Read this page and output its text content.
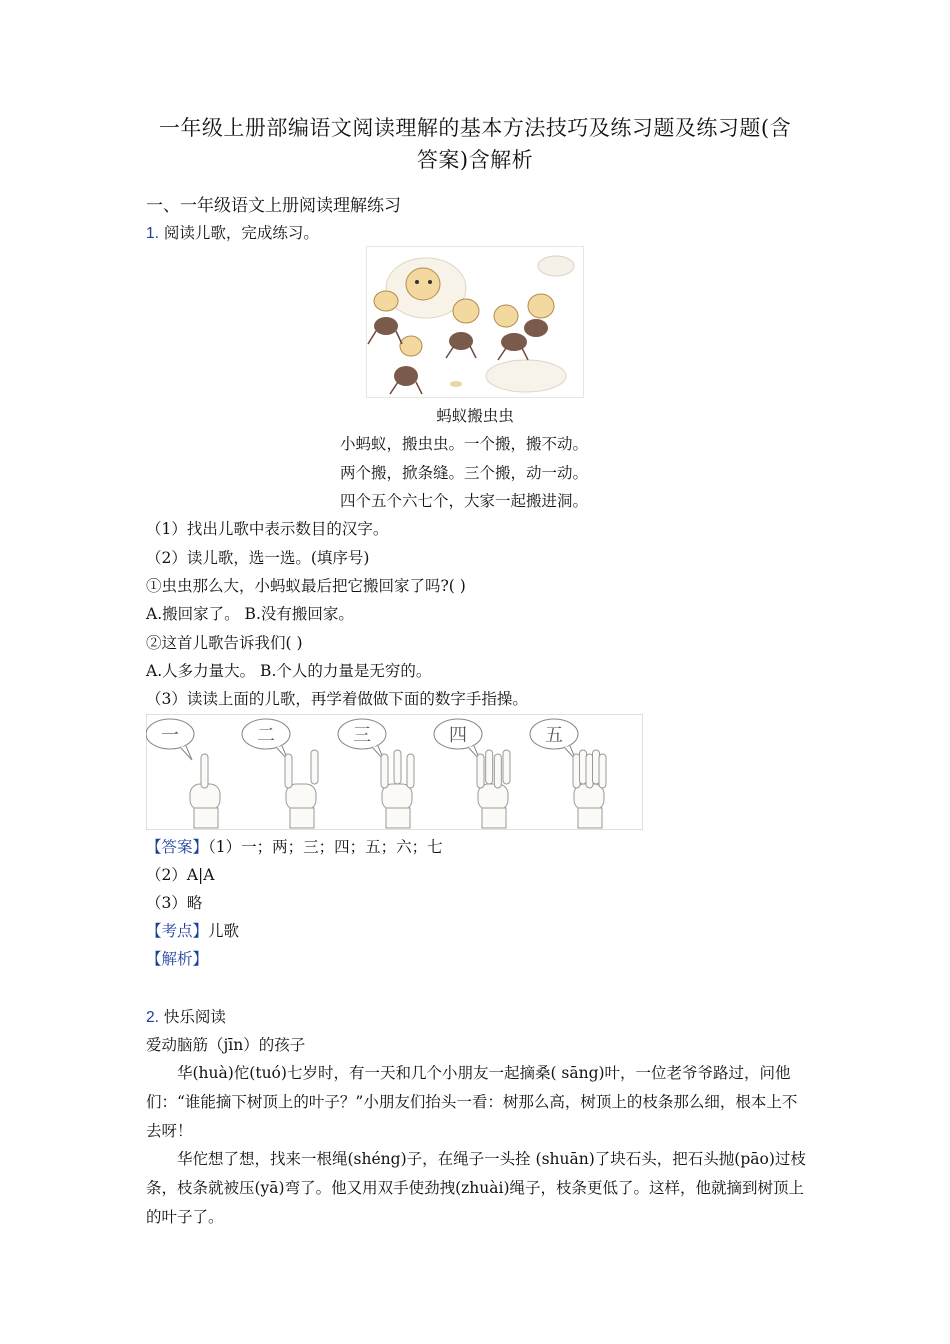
一年级上册部编语文阅读理解的基本方法技巧及练习题及练习题(含
答案)含解析
一、一年级语文上册阅读理解练习
1. 阅读儿歌，完成练习。
蚂蚁搬虫虫
小蚂蚁，搬虫虫。一个搬，搬不动。
两个搬，掀条缝。三个搬，动一动。
四个五个六七个，大家一起搬进洞。
（1）找出儿歌中表示数目的汉字。
（2）读儿歌，选一选。(填序号)
①虫虫那么大，小蚂蚁最后把它搬回家了吗?( )
A.搬回家了。 B.没有搬回家。
②这首儿歌告诉我们( )
A.人多力量大。 B.个人的力量是无穷的。
（3）读读上面的儿歌，再学着做做下面的数字手指操。
一	二	三	四	五
【答案】（1）一；两；三；四；五；六；七
（2）A|A
（3）略
【考点】儿歌
【解析】
2. 快乐阅读
爱动脑筋（jīn）的孩子
华(huà)佗(tuó)七岁时，有一天和几个小朋友一起摘桑( sāng)叶，一位老爷爷路过，问他们：“谁能摘下树顶上的叶子？”小朋友们抬头一看：树那么高，树顶上的枝条那么细，根本上不去呀！
华佗想了想，找来一根绳(shéng)子，在绳子一头拴 (shuān)了块石头，把石头抛(pāo)过枝条，枝条就被压(yā)弯了。他又用双手使劲拽(zhuài)绳子，枝条更低了。这样，他就摘到树顶上的叶子了。
